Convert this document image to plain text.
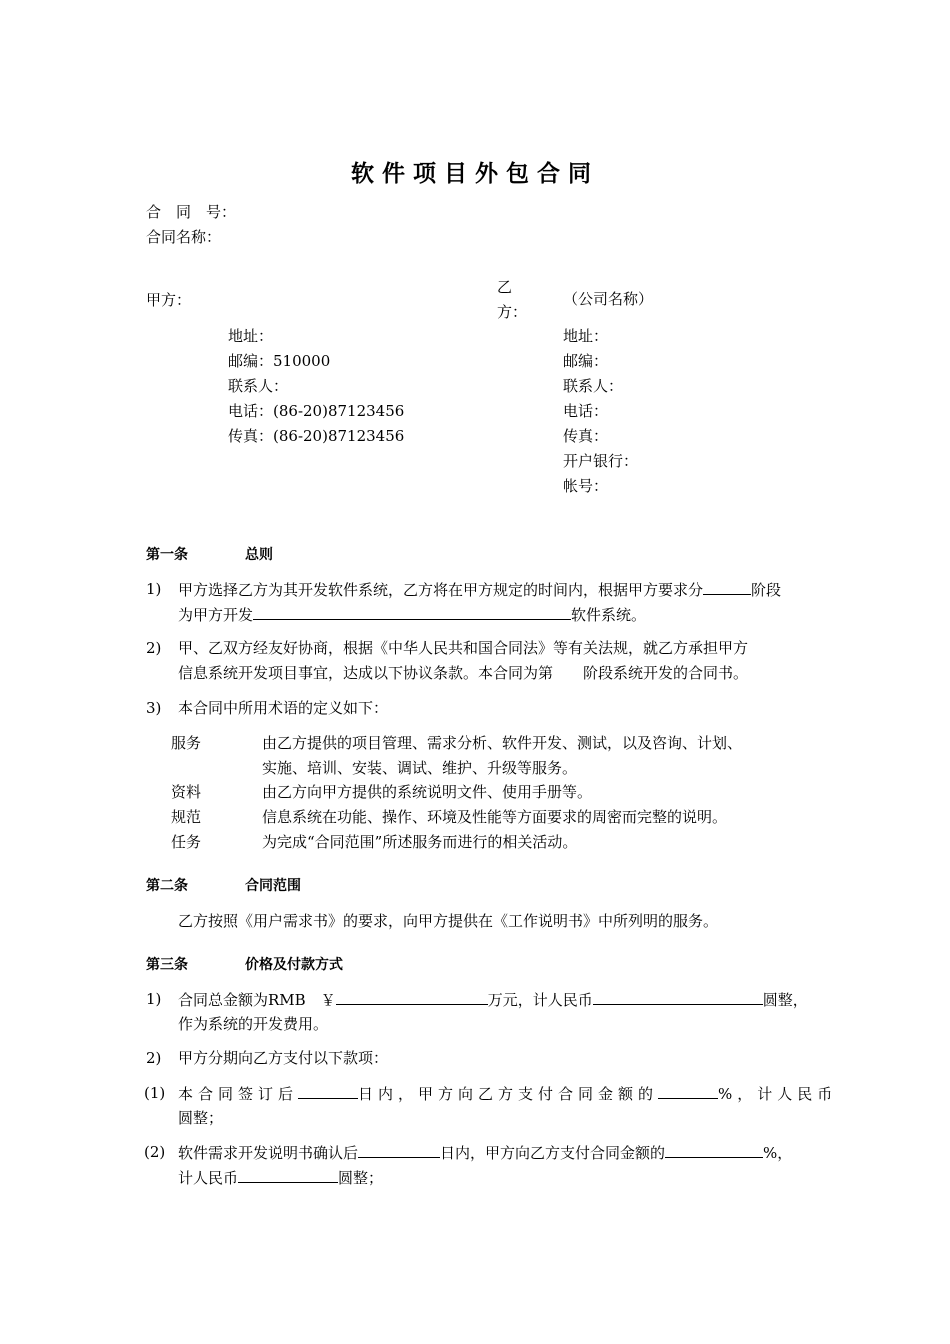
软件项目外包合同
合　同　号：
合同名称：
甲方：
地址：
邮编：510000
联系人：
电话：(86-20)87123456
传真：(86-20)87123456
乙
方：
（公司名称）
地址：
邮编：
联系人：
电话：
传真：
开户银行：
帐号：
第一条	总则
1) 甲方选择乙方为其开发软件系统，乙方将在甲方规定的时间内，根据甲方要求分	阶段
为甲方开发	软件系统。
2) 甲、乙双方经友好协商，根据《中华人民共和国合同法》等有关法规，就乙方承担甲方
信息系统开发项目事宜，达成以下协议条款。本合同为第　　阶段系统开发的合同书。
3) 本合同中所用术语的定义如下：
服务	由乙方提供的项目管理、需求分析、软件开发、测试，以及咨询、计划、
实施、培训、安装、调试、维护、升级等服务。
资料	由乙方向甲方提供的系统说明文件、使用手册等。
规范	信息系统在功能、操作、环境及性能等方面要求的周密而完整的说明。
任务	为完成“合同范围”所述服务而进行的相关活动。
第二条	合同范围
乙方按照《用户需求书》的要求，向甲方提供在《工作说明书》中所列明的服务。
第三条	价格及付款方式
1) 合同总金额为RMB　￥	万元，计人民币	圆整，
作为系统的开发费用。
2) 甲方分期向乙方支付以下款项：
(1) 本合同签订后	日内，甲方向乙方支付合同金额的	%，计人民币
圆整；
(2) 软件需求开发说明书确认后	日内，甲方向乙方支付合同金额的	%，
计人民币	圆整；
